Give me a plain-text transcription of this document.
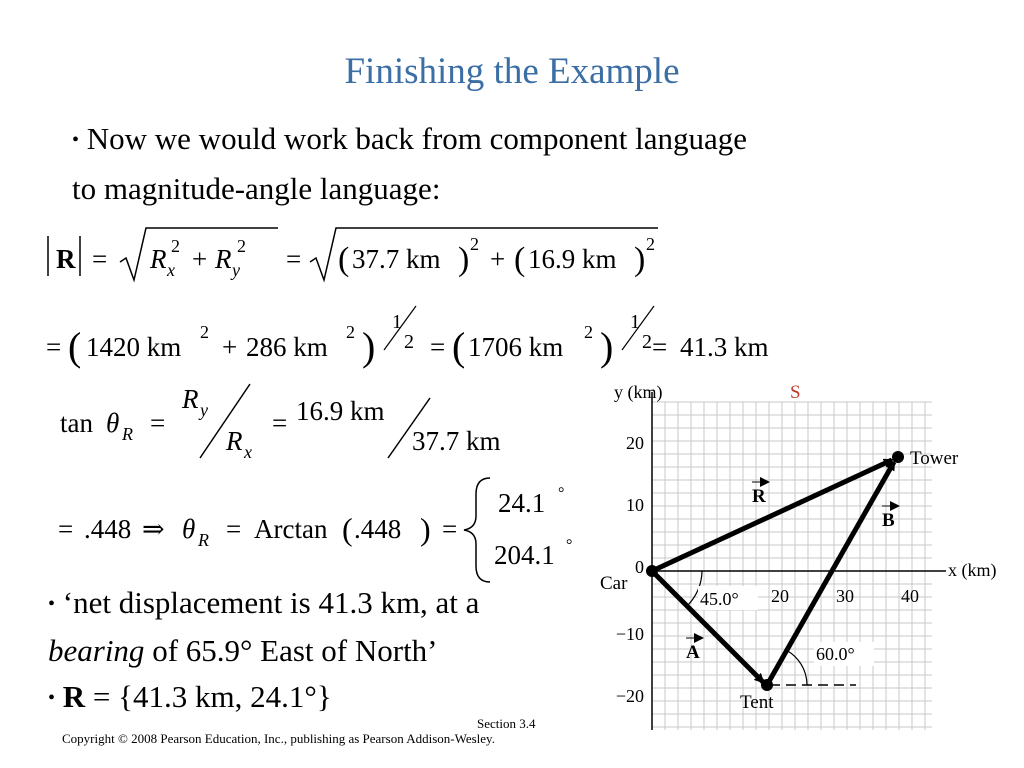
Finishing the Example
• Now we would work back from component language
to magnitude-angle language:
R = R x
2 + R y
2 = ( 37.7 km ) 2 + ( 16.9 km ) 2
= ( 1420 km 2 + 286 km 2 )
1
2 = ( 1706 km 2 )
1
2 = 41.3 km
tan θ R =
R y
R x
= 16.9 km
37.7 km
= .448 ⇒ θ R = Arctan ( .448 ) =
24.1 °
204.1 °
• ‘net displacement is 41.3 km, at a
bearing of 65.9° East of North’
• R = {41.3 km, 24.1°}
y (km)
x (km)
S
20
10
0
−10
−20
20	30	40
Car
Tower
Tent
R
B
A
45.0°
60.0°
Section 3.4
Copyright © 2008 Pearson Education, Inc., publishing as Pearson Addison-Wesley.
